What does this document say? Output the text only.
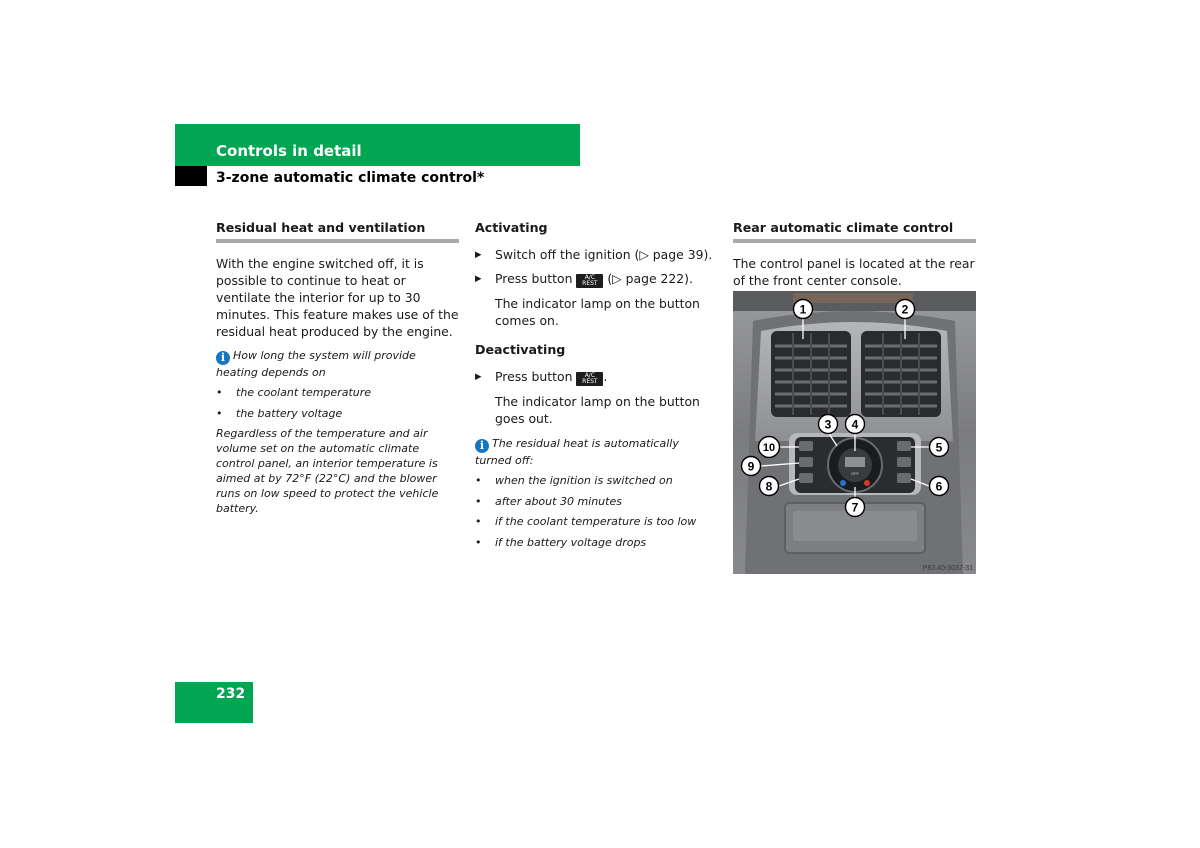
Controls in detail
3-zone automatic climate control*
Residual heat and ventilation

With the engine switched off, it is possible to continue to heat or ventilate the interior for up to 30 minutes. This feature makes use of the residual heat produced by the engine.

i How long the system will provide heating depends on
• the coolant temperature
• the battery voltage
Regardless of the temperature and air volume set on the automatic climate control panel, an interior temperature is aimed at by 72°F (22°C) and the blower runs on low speed to protect the vehicle battery.
Activating
▶ Switch off the ignition (▷ page 39).
▶ Press button	A/C
REST (▷ page 222).
The indicator lamp on the button comes on.
Deactivating
▶ Press button	A/C
REST .
The indicator lamp on the button goes out.
i The residual heat is automatically turned off:
• when the ignition is switched on
• after about 30 minutes
• if the coolant temperature is too low
• if the battery voltage drops
Rear automatic climate control

The control panel is located at the rear of the front center console.

OFF
1	2
3 4
5
6
7
8
9
10
P83.40-3037-31
232
